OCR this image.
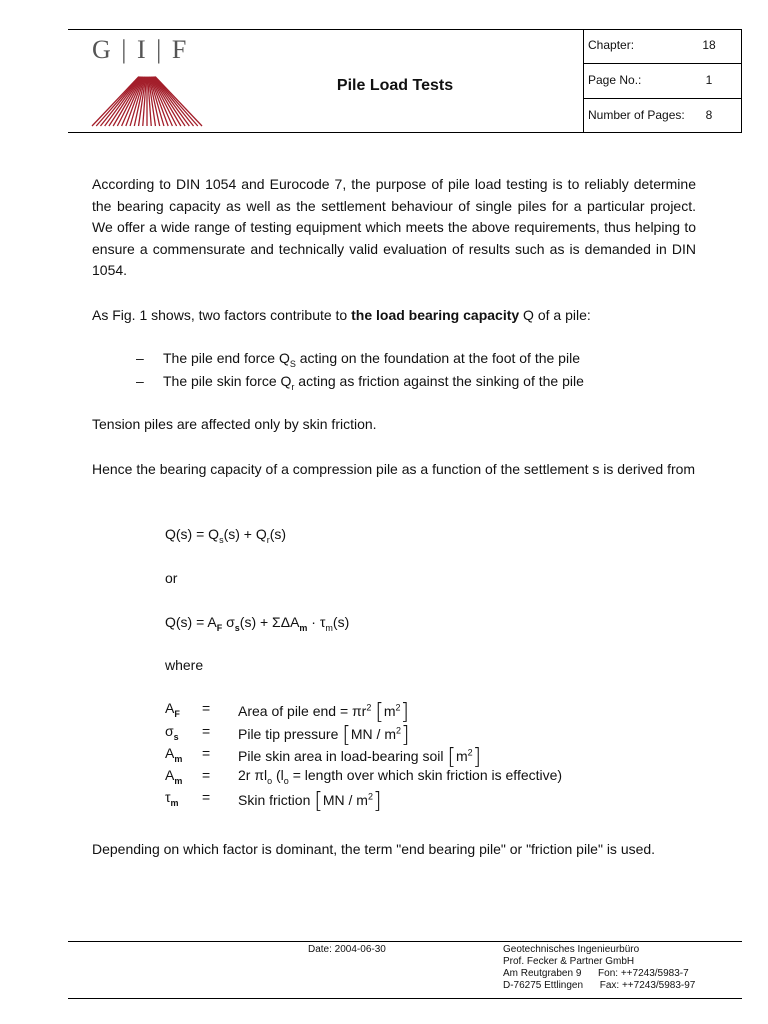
G | I | F
Pile Load Tests
Chapter:	18
Page No.:	1
Number of Pages:	8
According to DIN 1054 and Eurocode 7, the purpose of pile load testing is to reliably determine the bearing capacity as well as the settlement behaviour of single piles for a particular project. We offer a wide range of testing equipment which meets the above requirements, thus helping to ensure a commensurate and technically valid evaluation of results such as is demanded in DIN 1054.
As Fig. 1 shows, two factors contribute to the load bearing capacity Q of a pile:
– The pile end force $Q_S$ acting on the foundation at the foot of the pile
– The pile skin force $Q_r$ acting as friction against the sinking of the pile
Tension piles are affected only by skin friction.
Hence the bearing capacity of a compression pile as a function of the settlement s is derived from
$Q(s) = Q_s(s) + Q_r(s)$
or
$Q(s) = A_F$ $\sigma_s(s) + \Sigma\Delta A_m \cdot \tau_m(s)$
where
$A_F$ = Area of pile end = $\pi r^2$ $[m^2]$
$\sigma_s$ = Pile tip pressure $[MN / m^2]$
$A_m$ = Pile skin area in load-bearing soil $[m^2]$
$A_m = 2r$ $\pi l_o$ ($l_o$ = length over which skin friction is effective)
$\tau_m$ = Skin friction $[MN / m^2]$
Depending on which factor is dominant, the term "end bearing pile" or "friction pile" is used.
Date: 2004-06-30	Geotechnisches Ingenieurbüro
Prof. Fecker & Partner GmbH
Am Reutgraben 9      Fon: ++7243/5983-7
D-76275 Ettlingen      Fax: ++7243/5983-97
